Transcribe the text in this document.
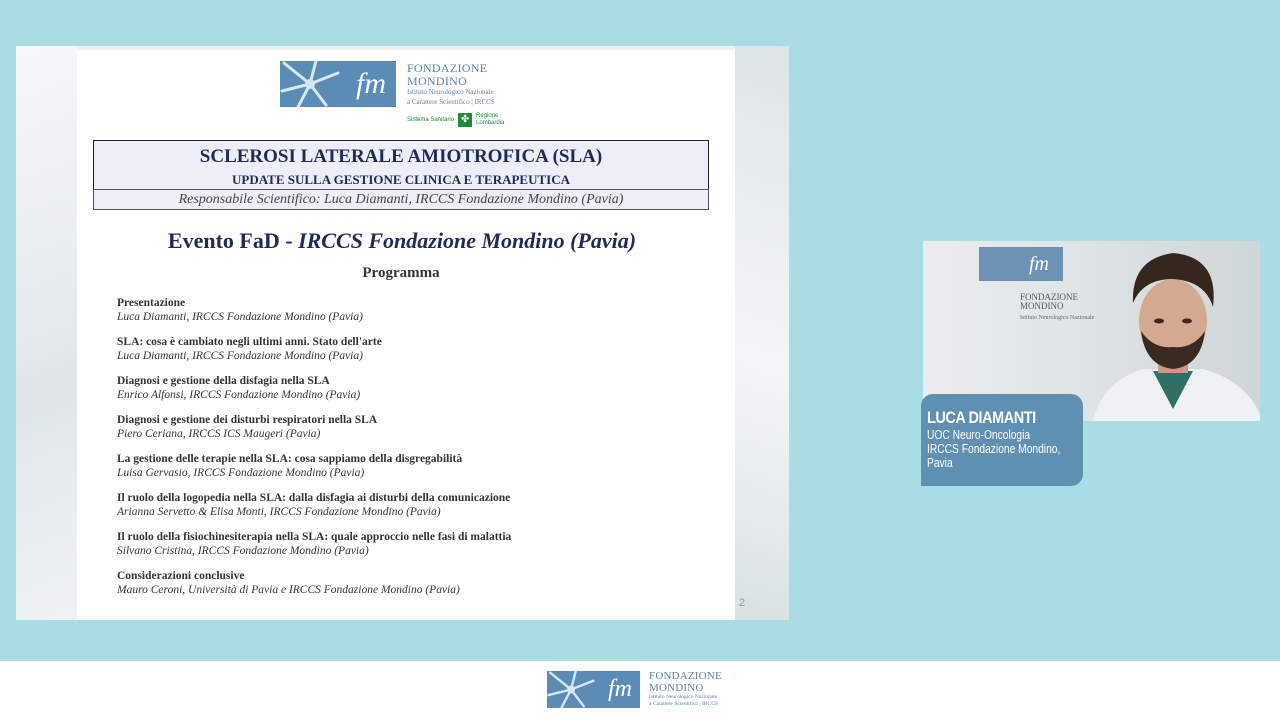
fm FONDAZIONE
MONDINO
Istituto Neurologico Nazionale
a Carattere Scientifico | IRCCS
Sistema Sanitario ✤	Regione
Lombardia
SCLEROSI LATERALE AMIOTROFICA (SLA)
UPDATE SULLA GESTIONE CLINICA E TERAPEUTICA
Responsabile Scientifico: Luca Diamanti, IRCCS Fondazione Mondino (Pavia)
Evento FaD - IRCCS Fondazione Mondino (Pavia)
Programma
Presentazione
Luca Diamanti, IRCCS Fondazione Mondino (Pavia)
SLA: cosa è cambiato negli ultimi anni. Stato dell'arte
Luca Diamanti, IRCCS Fondazione Mondino (Pavia)
Diagnosi e gestione della disfagia nella SLA
Enrico Alfonsi, IRCCS Fondazione Mondino (Pavia)
Diagnosi e gestione dei disturbi respiratori nella SLA
Piero Ceriana, IRCCS ICS Maugeri (Pavia)
La gestione delle terapie nella SLA: cosa sappiamo della disgregabilità
Luisa Gervasio, IRCCS Fondazione Mondino (Pavia)
Il ruolo della logopedia nella SLA: dalla disfagia ai disturbi della comunicazione
Arianna Servetto & Elisa Monti, IRCCS Fondazione Mondino (Pavia)
Il ruolo della fisiochinesiterapia nella SLA: quale approccio nelle fasi di malattia
Silvano Cristina, IRCCS Fondazione Mondino (Pavia)
Considerazioni conclusive
Mauro Ceroni, Università di Pavia e IRCCS Fondazione Mondino (Pavia)
2
fm
FONDAZIONE
MONDINO
Istituto Neurologico Nazionale
LUCA DIAMANTI
UOC Neuro-Oncologia
IRCCS Fondazione Mondino,
Pavia
fm FONDAZIONE
MONDINO
Istituto Neurologico Nazionale
a Carattere Scientifico | IRCCS
